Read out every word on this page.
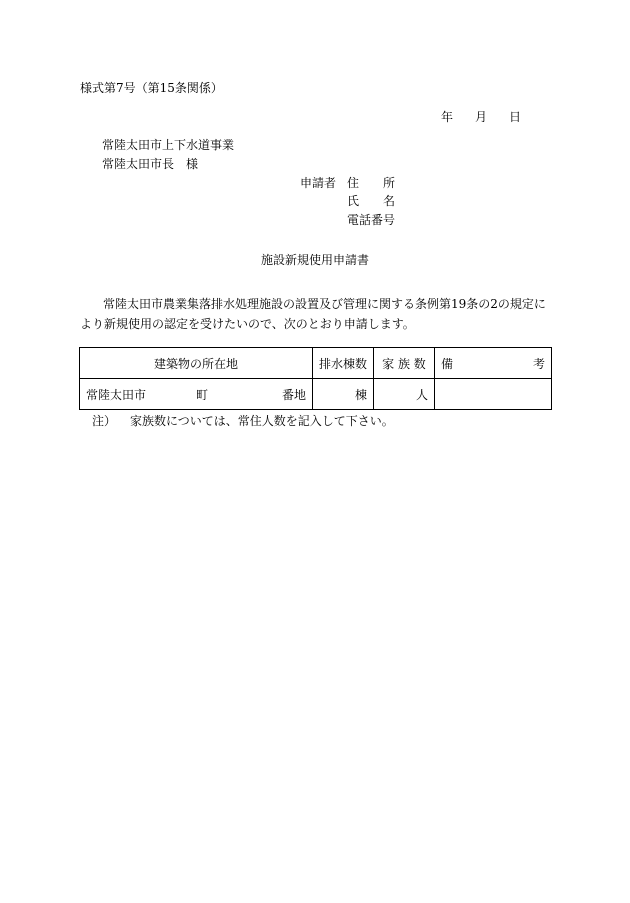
様式第7号（第15条関係）
年 月 日
常陸太田市上下水道事業
常陸太田市長 様
申請者 住　　所
氏　　名
電話番号
施設新規使用申請書
常陸太田市農業集落排水処理施設の設置及び管理に関する条例第19条の2の規定により新規使用の認定を受けたいので、次のとおり申請します。
建築物の所在地	排水棟数	家 族 数	備 考

常陸太田市 町 番地	棟	人	
注） 家族数については、常住人数を記入して下さい。
